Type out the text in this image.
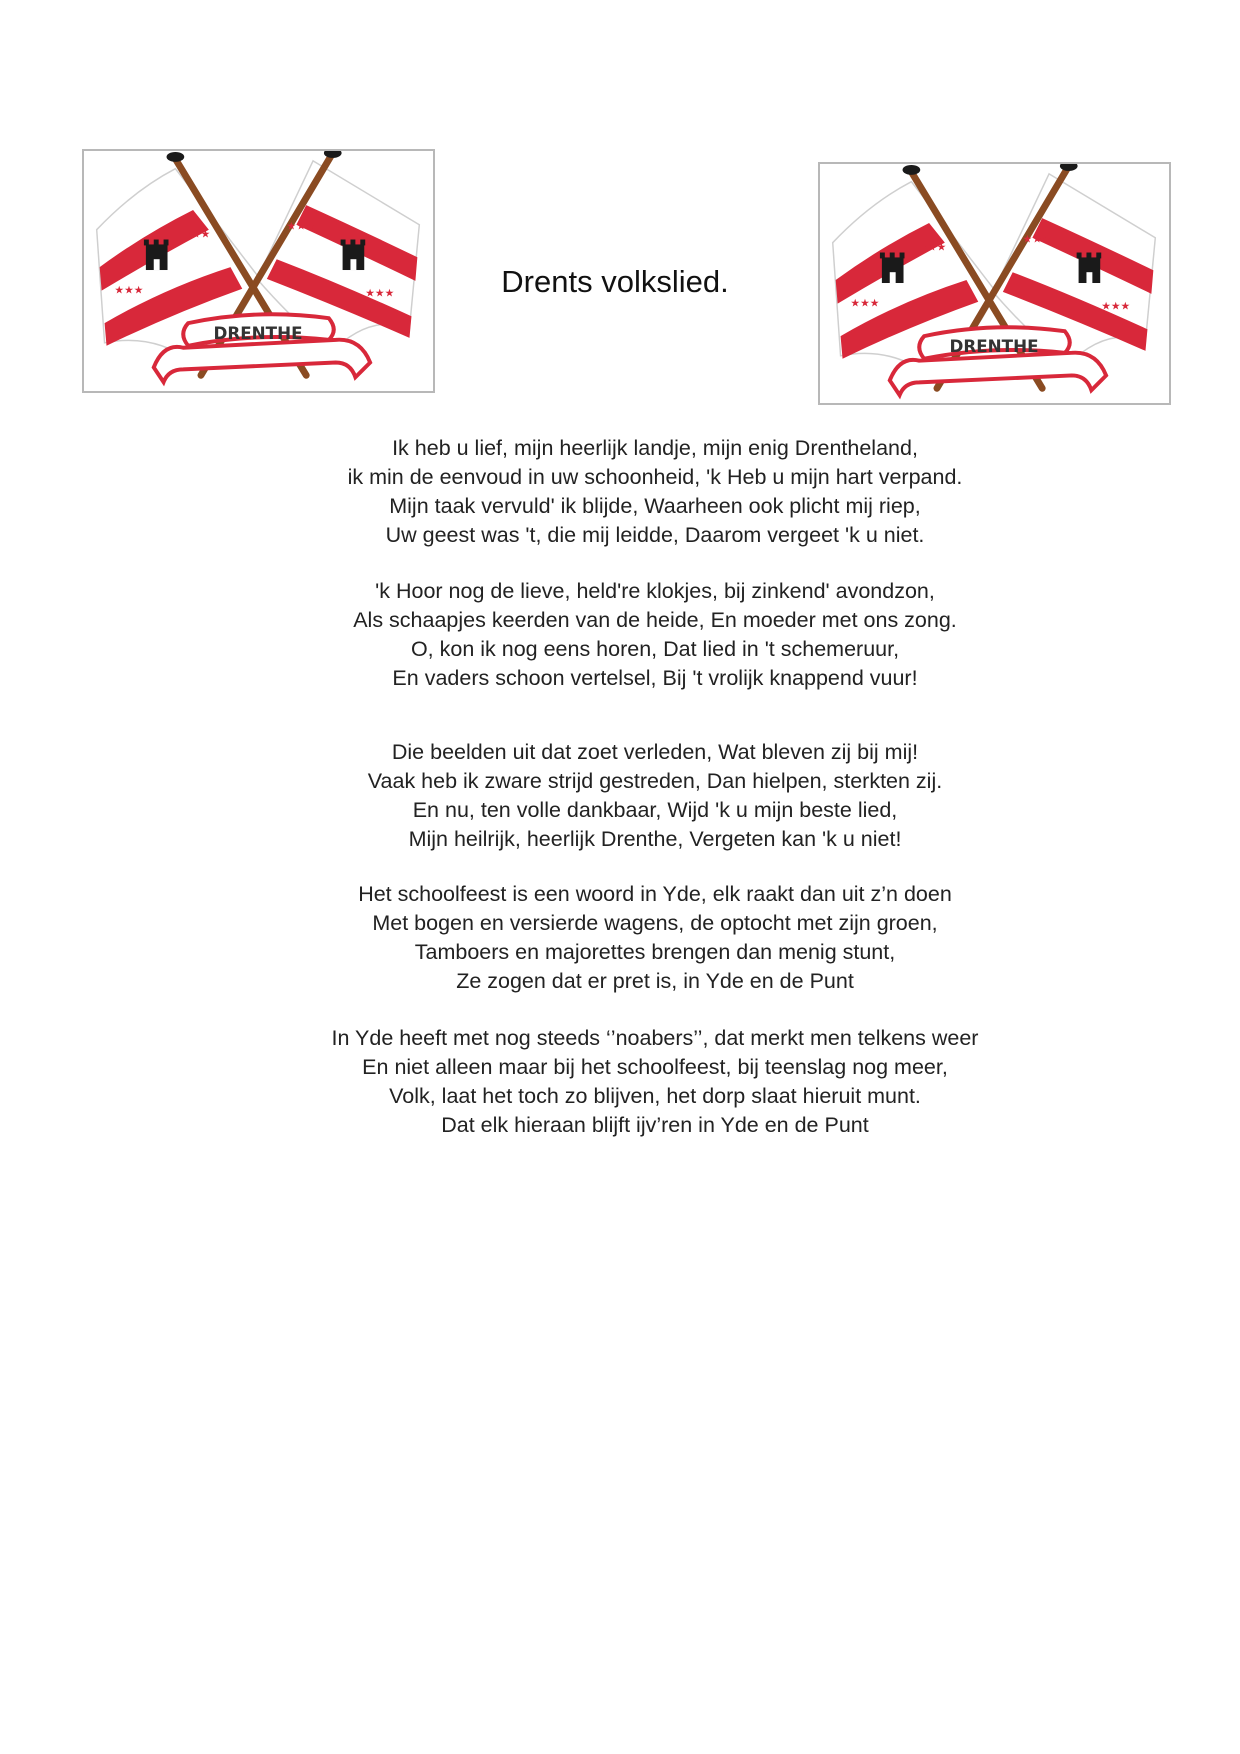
★★★
★★★
★★★
★★★
DRENTHE
Drents volkslied.
★★★
★★★
★★★
★★★
DRENTHE
Ik heb u lief, mijn heerlijk landje, mijn enig Drentheland,
ik min de eenvoud in uw schoonheid, 'k Heb u mijn hart verpand.
Mijn taak vervuld' ik blijde, Waarheen ook plicht mij riep,
Uw geest was 't, die mij leidde, Daarom vergeet 'k u niet.
'k Hoor nog de lieve, held're klokjes, bij zinkend' avondzon,
Als schaapjes keerden van de heide, En moeder met ons zong.
O, kon ik nog eens horen, Dat lied in 't schemeruur,
En vaders schoon vertelsel, Bij 't vrolijk knappend vuur!
Die beelden uit dat zoet verleden, Wat bleven zij bij mij!
Vaak heb ik zware strijd gestreden, Dan hielpen, sterkten zij.
En nu, ten volle dankbaar, Wijd 'k u mijn beste lied,
Mijn heilrijk, heerlijk Drenthe, Vergeten kan 'k u niet!
Het schoolfeest is een woord in Yde, elk raakt dan uit z’n doen
Met bogen en versierde wagens, de optocht met zijn groen,
Tamboers en majorettes brengen dan menig stunt,
Ze zogen dat er pret is, in Yde en de Punt
In Yde heeft met nog steeds ‘’noabers’’, dat merkt men telkens weer
En niet alleen maar bij het schoolfeest, bij teenslag nog meer,
Volk, laat het toch zo blijven, het dorp slaat hieruit munt.
Dat elk hieraan blijft ijv’ren in Yde en de Punt
